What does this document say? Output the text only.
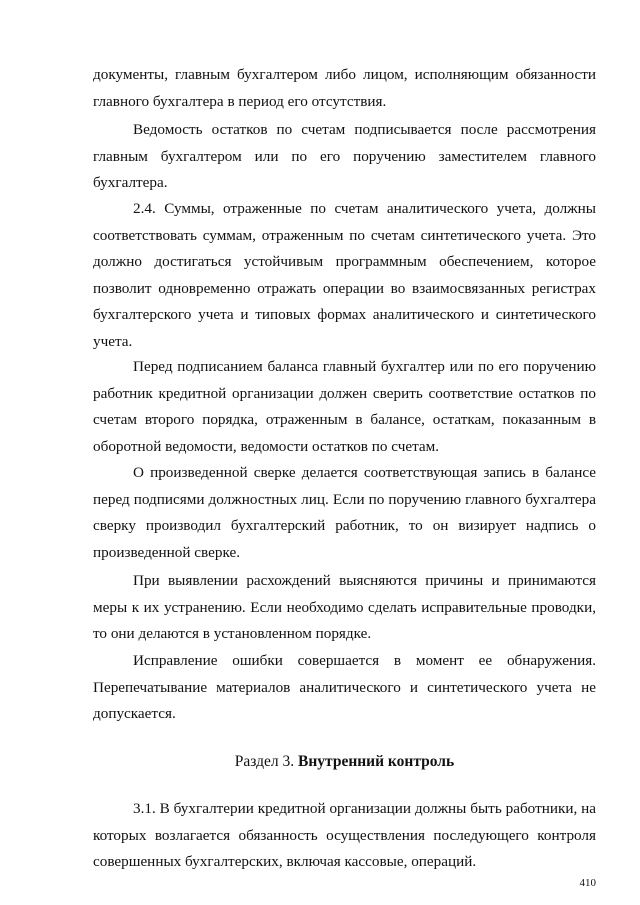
документы, главным бухгалтером либо лицом, исполняющим обязанности главного бухгалтера в период его отсутствия.

Ведомость остатков по счетам подписывается после рассмотрения главным бухгалтером или по его поручению заместителем главного бухгалтера.

2.4. Суммы, отраженные по счетам аналитического учета, должны соответствовать суммам, отраженным по счетам синтетического учета. Это должно достигаться устойчивым программным обеспечением, которое позволит одновременно отражать операции во взаимосвязанных регистрах бухгалтерского учета и типовых формах аналитического и синтетического учета.

Перед подписанием баланса главный бухгалтер или по его поручению работник кредитной организации должен сверить соответствие остатков по счетам второго порядка, отраженным в балансе, остаткам, показанным в оборотной ведомости, ведомости остатков по счетам.

О произведенной сверке делается соответствующая запись в балансе перед подписями должностных лиц. Если по поручению главного бухгалтера сверку производил бухгалтерский работник, то он визирует надпись о произведенной сверке.

При выявлении расхождений выясняются причины и принимаются меры к их устранению. Если необходимо сделать исправительные проводки, то они делаются в установленном порядке.

Исправление ошибки совершается в момент ее обнаружения. Перепечатывание материалов аналитического и синтетического учета не допускается.

Раздел 3. Внутренний контроль

3.1. В бухгалтерии кредитной организации должны быть работники, на которых возлагается обязанность осуществления последующего контроля совершенных бухгалтерских, включая кассовые, операций.

410
